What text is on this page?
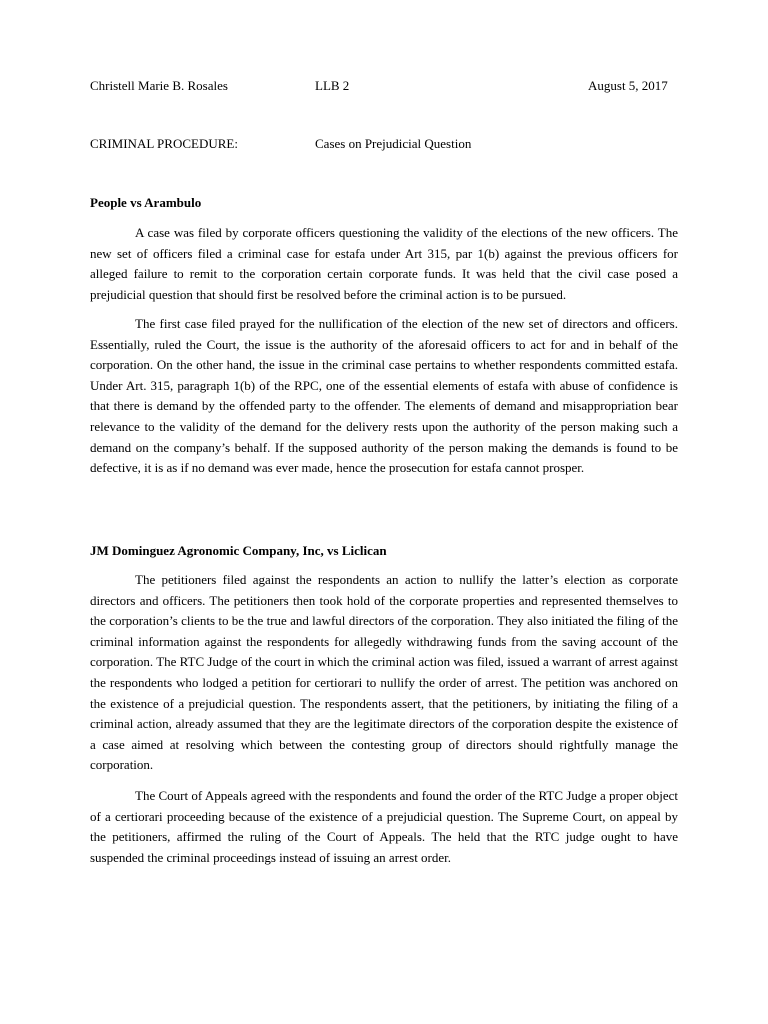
Christell Marie B. Rosales	LLB 2	August 5, 2017
CRIMINAL PROCEDURE:	Cases on Prejudicial Question
People vs Arambulo

A case was filed by corporate officers questioning the validity of the elections of the new officers. The new set of officers filed a criminal case for estafa under Art 315, par 1(b) against the previous officers for alleged failure to remit to the corporation certain corporate funds. It was held that the civil case posed a prejudicial question that should first be resolved before the criminal action is to be pursued.

The first case filed prayed for the nullification of the election of the new set of directors and officers. Essentially, ruled the Court, the issue is the authority of the aforesaid officers to act for and in behalf of the corporation. On the other hand, the issue in the criminal case pertains to whether respondents committed estafa. Under Art. 315, paragraph 1(b) of the RPC, one of the essential elements of estafa with abuse of confidence is that there is demand by the offended party to the offender. The elements of demand and misappropriation bear relevance to the validity of the demand for the delivery rests upon the authority of the person making such a demand on the company’s behalf. If the supposed authority of the person making the demands is found to be defective, it is as if no demand was ever made, hence the prosecution for estafa cannot prosper.

JM Dominguez Agronomic Company, Inc, vs Liclican

The petitioners filed against the respondents an action to nullify the latter’s election as corporate directors and officers. The petitioners then took hold of the corporate properties and represented themselves to the corporation’s clients to be the true and lawful directors of the corporation. They also initiated the filing of the criminal information against the respondents for allegedly withdrawing funds from the saving account of the corporation. The RTC Judge of the court in which the criminal action was filed, issued a warrant of arrest against the respondents who lodged a petition for certiorari to nullify the order of arrest. The petition was anchored on the existence of a prejudicial question. The respondents assert, that the petitioners, by initiating the filing of a criminal action, already assumed that they are the legitimate directors of the corporation despite the existence of a case aimed at resolving which between the contesting group of directors should rightfully manage the corporation.

The Court of Appeals agreed with the respondents and found the order of the RTC Judge a proper object of a certiorari proceeding because of the existence of a prejudicial question. The Supreme Court, on appeal by the petitioners, affirmed the ruling of the Court of Appeals. The held that the RTC judge ought to have suspended the criminal proceedings instead of issuing an arrest order.
